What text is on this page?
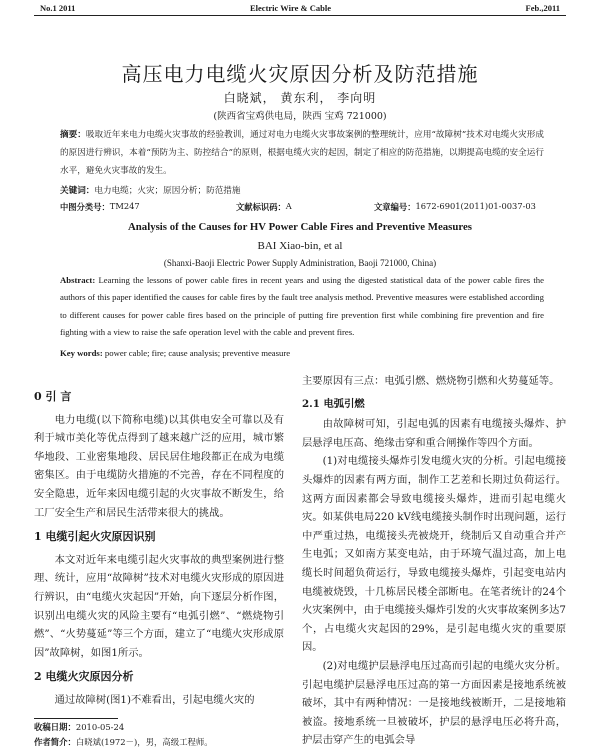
No.1 2011	Electric Wire & Cable	Feb.,2011
高压电力电缆火灾原因分析及防范措施
白晓斌， 黄东利， 李向明
(陕西省宝鸡供电局，陕西 宝鸡 721000)
摘要：吸取近年来电力电缆火灾事故的经验教训，通过对电力电缆火灾事故案例的整理统计，应用“故障树”技术对电缆火灾形成的原因进行辨识，本着“预防为主、防控结合”的原则，根据电缆火灾的起因，制定了相应的防范措施，以期提高电缆的安全运行水平，避免火灾事故的发生。
关键词：电力电缆；火灾；原因分析；防范措施
中图分类号： TM247	文献标识码： A	文章编号： 1672-6901(2011)01-0037-03
Analysis of the Causes for HV Power Cable Fires and Preventive Measures
BAI Xiao-bin, et al
(Shanxi-Baoji Electric Power Supply Administration, Baoji 721000, China)
Abstract: Learning the lessons of power cable fires in recent years and using the digested statistical data of the power cable fires the authors of this paper identified the causes for cable fires by the fault tree analysis method. Preventive measures were established according to different causes for power cable fires based on the principle of putting fire prevention first while combining fire prevention and fire fighting with a view to raise the safe operation level with the cable and prevent fires.
Key words: power cable; fire; cause analysis; preventive measure
0 引 言

电力电缆(以下简称电缆)以其供电安全可靠以及有利于城市美化等优点得到了越来越广泛的应用，城市繁华地段、工业密集地段、居民居住地段都正在成为电缆密集区。由于电缆防火措施的不完善，存在不同程度的安全隐患，近年来因电缆引起的火灾事故不断发生，给工厂安全生产和居民生活带来很大的挑战。

1 电缆引起火灾原因识别

本文对近年来电缆引起火灾事故的典型案例进行整理、统计，应用“故障树”技术对电缆火灾形成的原因进行辨识，由“电缆火灾起因”开始，向下逐层分析作图，识别出电缆火灾的风险主要有“电弧引燃”、“燃烧物引燃”、“火势蔓延”等三个方面，建立了“电缆火灾形成原因”故障树，如图1所示。

2 电缆火灾原因分析

通过故障树(图1)不难看出，引起电缆火灾的

主要原因有三点：电弧引燃、燃烧物引燃和火势蔓延等。

2.1 电弧引燃

由故障树可知，引起电弧的因素有电缆接头爆炸、护层悬浮电压高、绝缘击穿和重合闸操作等四个方面。

(1)对电缆接头爆炸引发电缆火灾的分析。引起电缆接头爆炸的因素有两方面，制作工艺差和长期过负荷运行。这两方面因素都会导致电缆接头爆炸，进而引起电缆火灾。如某供电局220 kV线电缆接头制作时出现问题，运行中严重过热，电缆接头壳被烧开，绕制后又自动重合并产生电弧；又如南方某变电站，由于环境气温过高，加上电缆长时间超负荷运行，导致电缆接头爆炸，引起变电站内电缆被烧毁，十几栋居民楼全部断电。在笔者统计的24个火灾案例中，由于电缆接头爆炸引发的火灾事故案例多达7个，占电缆火灾起因的29%，是引起电缆火灾的重要原因。

(2)对电缆护层悬浮电压过高而引起的电缆火灾分析。引起电缆护层悬浮电压过高的第一方面因素是接地系统被破坏，其中有两种情况：一是接地线被断开，二是接地箱被盗。接地系统一旦被破坏，护层的悬浮电压必将升高，护层击穿产生的电弧会导

收稿日期：2010-05-24
作者简介：白晓斌(1972－)，男，高级工程师。
